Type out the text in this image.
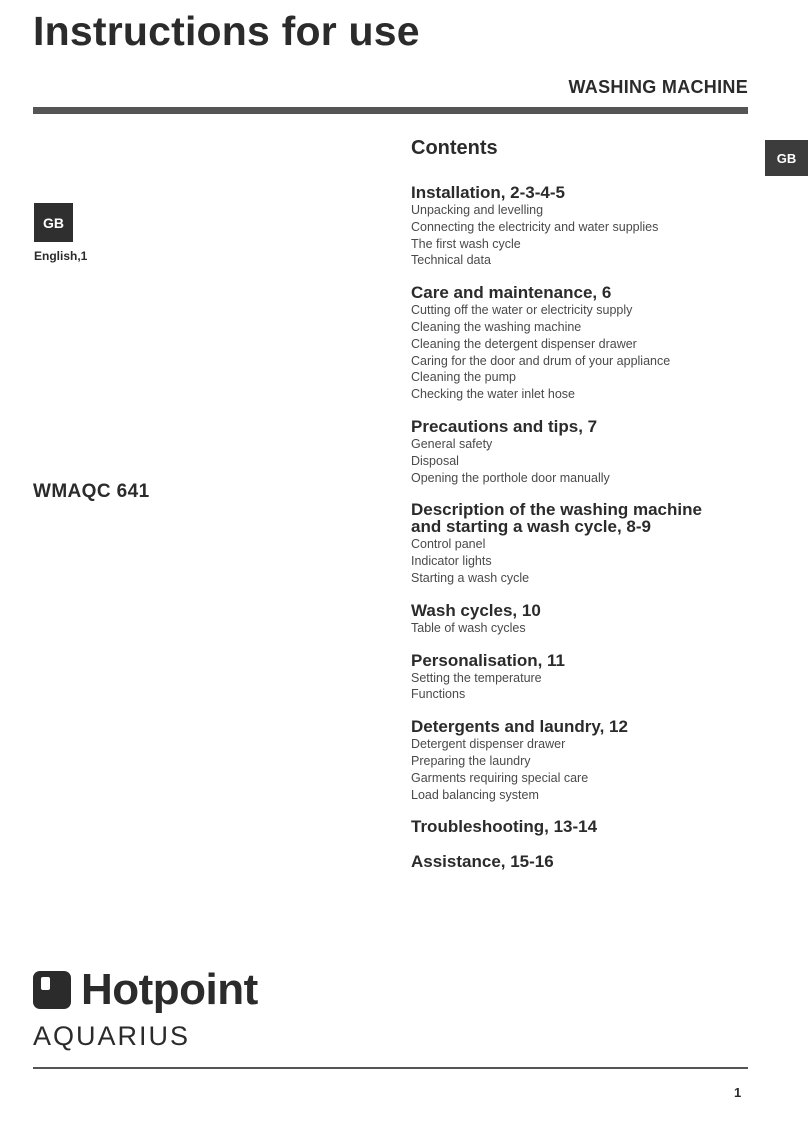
Instructions for use
WASHING MACHINE
GB
GB
English,1
WMAQC 641
Contents
Installation, 2-3-4-5
Unpacking and levelling
Connecting the electricity and water supplies
The first wash cycle
Technical data
Care and maintenance, 6
Cutting off the water or electricity supply
Cleaning the washing machine
Cleaning the detergent dispenser drawer
Caring for the door and drum of your appliance
Cleaning the pump
Checking the water inlet hose
Precautions and tips, 7
General safety
Disposal
Opening the porthole door manually
Description of the washing machine
and starting a wash cycle, 8-9
Control panel
Indicator lights
Starting a wash cycle
Wash cycles, 10
Table of wash cycles
Personalisation, 11
Setting the temperature
Functions
Detergents and laundry, 12
Detergent dispenser drawer
Preparing the laundry
Garments requiring special care
Load balancing system
Troubleshooting, 13-14
Assistance, 15-16
Hotpoint
AQUARIUS
1
